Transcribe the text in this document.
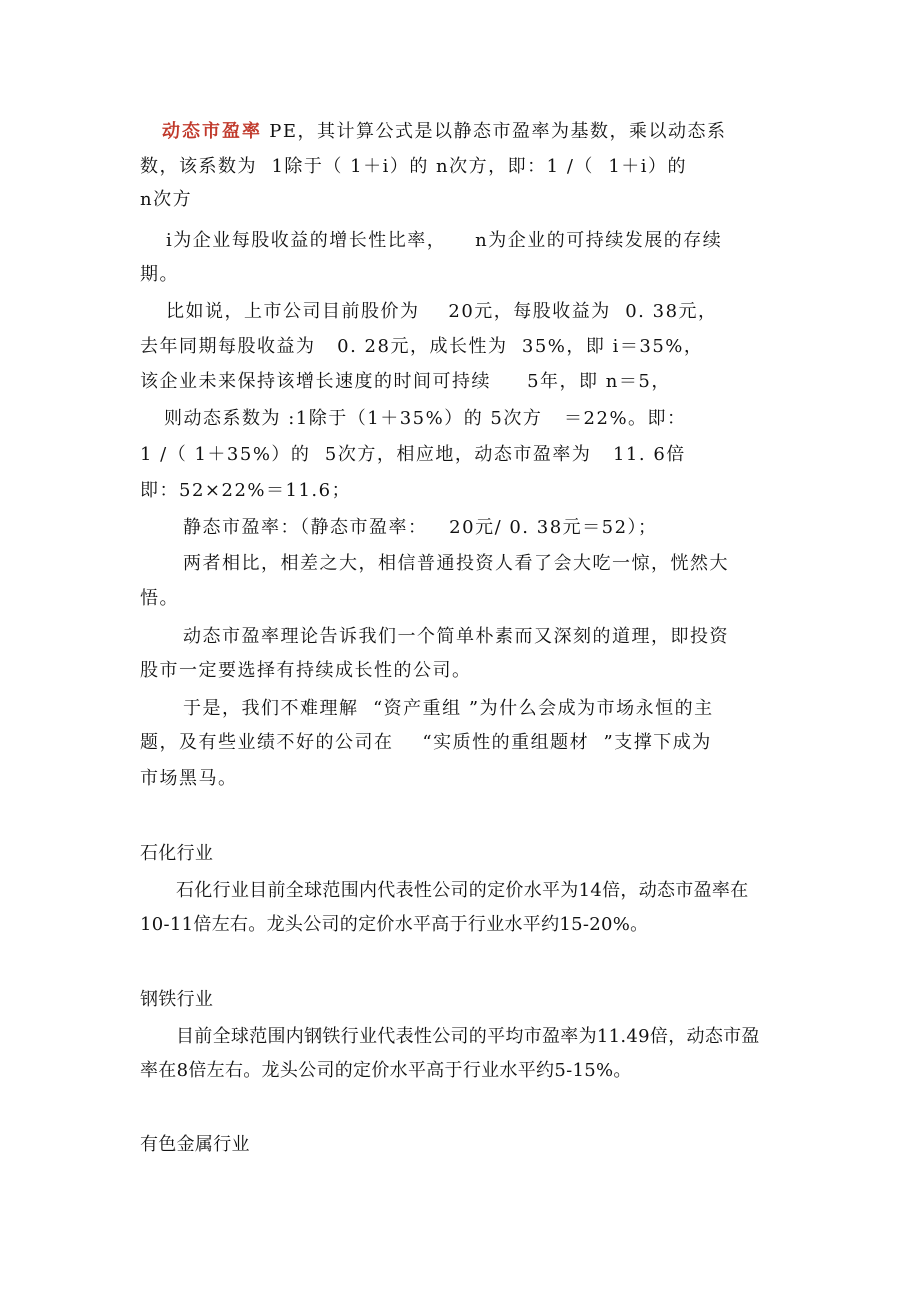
动态市盈率 PE，其计算公式是以静态市盈率为基数，乘以动态系
数，该系数为  1除于（ 1＋i）的 n次方，即：1 /（  1＋i）的
n次方
i为企业每股收益的增长性比率，    n为企业的可持续发展的存续
期。
比如说，上市公司目前股价为    20元，每股收益为  0. 38元，
去年同期每股收益为   0. 28元，成长性为  35%，即 i＝35%，
该企业未来保持该增长速度的时间可持续     5年，即 n＝5，
则动态系数为 :1除于（1＋35%）的 5次方   ＝22%。即：
1 /（ 1＋35%）的  5次方，相应地，动态市盈率为   11. 6倍
即：52×22%＝11.6；
静态市盈率：（静态市盈率：   20元/ 0. 38元＝52）；
两者相比，相差之大，相信普通投资人看了会大吃一惊，恍然大
悟。
动态市盈率理论告诉我们一个简单朴素而又深刻的道理，即投资
股市一定要选择有持续成长性的公司。
于是，我们不难理解  “资产重组 ”为什么会成为市场永恒的主
题，及有些业绩不好的公司在    “实质性的重组题材  ”支撑下成为
市场黑马。
石化行业
石化行业目前全球范围内代表性公司的定价水平为14倍，动态市盈率在
10-11倍左右。龙头公司的定价水平高于行业水平约15-20%。
钢铁行业
目前全球范围内钢铁行业代表性公司的平均市盈率为11.49倍，动态市盈
率在8倍左右。龙头公司的定价水平高于行业水平约5-15%。
有色金属行业
